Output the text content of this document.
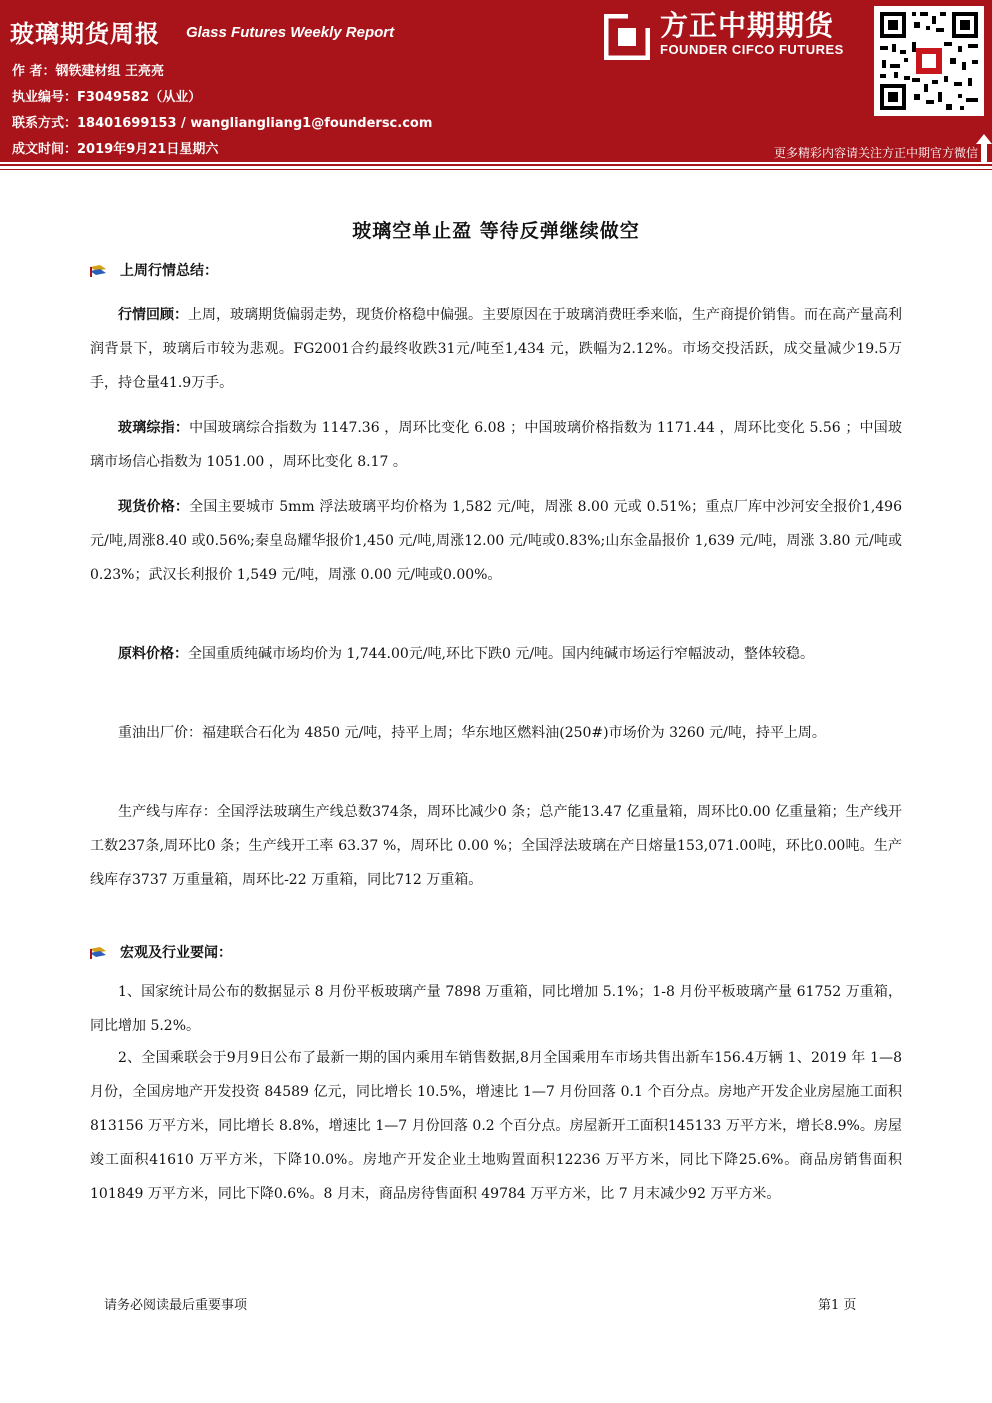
玻璃期货周报 Glass Futures Weekly Report
作 者：钢铁建材组 王亮亮
执业编号：F3049582（从业）
联系方式：18401699153 / wangliangliang1@foundersc.com
成文时间：2019年9月21日星期六
方正中期期货
FOUNDER CIFCO FUTURES
更多精彩内容请关注方正中期官方微信
玻璃空单止盈 等待反弹继续做空
上周行情总结：
行情回顾：上周，玻璃期货偏弱走势，现货价格稳中偏强。主要原因在于玻璃消费旺季来临，生产商提价销售。而在高产量高利润背景下，玻璃后市较为悲观。FG2001合约最终收跌31元/吨至1,434 元，跌幅为2.12%。市场交投活跃，成交量减少19.5万手，持仓量41.9万手。
玻璃综指：中国玻璃综合指数为 1147.36 ，周环比变化 6.08 ；中国玻璃价格指数为 1171.44 ，周环比变化 5.56 ；中国玻璃市场信心指数为 1051.00 ，周环比变化 8.17 。
现货价格：全国主要城市 5mm 浮法玻璃平均价格为 1,582 元/吨，周涨 8.00 元或 0.51%；重点厂库中沙河安全报价1,496 元/吨,周涨8.40 或0.56%;秦皇岛耀华报价1,450 元/吨,周涨12.00 元/吨或0.83%;山东金晶报价 1,639 元/吨，周涨 3.80 元/吨或 0.23%；武汉长利报价 1,549 元/吨，周涨 0.00 元/吨或0.00%。
原料价格：全国重质纯碱市场均价为 1,744.00元/吨,环比下跌0 元/吨。国内纯碱市场运行窄幅波动，整体较稳。
重油出厂价：福建联合石化为 4850 元/吨，持平上周；华东地区燃料油(250#)市场价为 3260 元/吨，持平上周。
生产线与库存：全国浮法玻璃生产线总数374条，周环比减少0 条；总产能13.47 亿重量箱，周环比0.00 亿重量箱；生产线开工数237条,周环比0 条；生产线开工率 63.37 %，周环比 0.00 %；全国浮法玻璃在产日熔量153,071.00吨，环比0.00吨。生产线库存3737 万重量箱，周环比-22 万重箱，同比712 万重箱。
宏观及行业要闻：
1、国家统计局公布的数据显示 8 月份平板玻璃产量 7898 万重箱，同比增加 5.1%；1-8 月份平板玻璃产量 61752 万重箱，同比增加 5.2%。
2、全国乘联会于9月9日公布了最新一期的国内乘用车销售数据,8月全国乘用车市场共售出新车156.4万辆 1、2019 年 1—8 月份，全国房地产开发投资 84589 亿元，同比增长 10.5%，增速比 1—7 月份回落 0.1 个百分点。房地产开发企业房屋施工面积 813156 万平方米，同比增长 8.8%，增速比 1—7 月份回落 0.2 个百分点。房屋新开工面积145133 万平方米，增长8.9%。房屋竣工面积41610 万平方米，下降10.0%。房地产开发企业土地购置面积12236 万平方米，同比下降25.6%。商品房销售面积101849 万平方米，同比下降0.6%。8 月末，商品房待售面积 49784 万平方米，比 7 月末减少92 万平方米。
请务必阅读最后重要事项	第1 页
